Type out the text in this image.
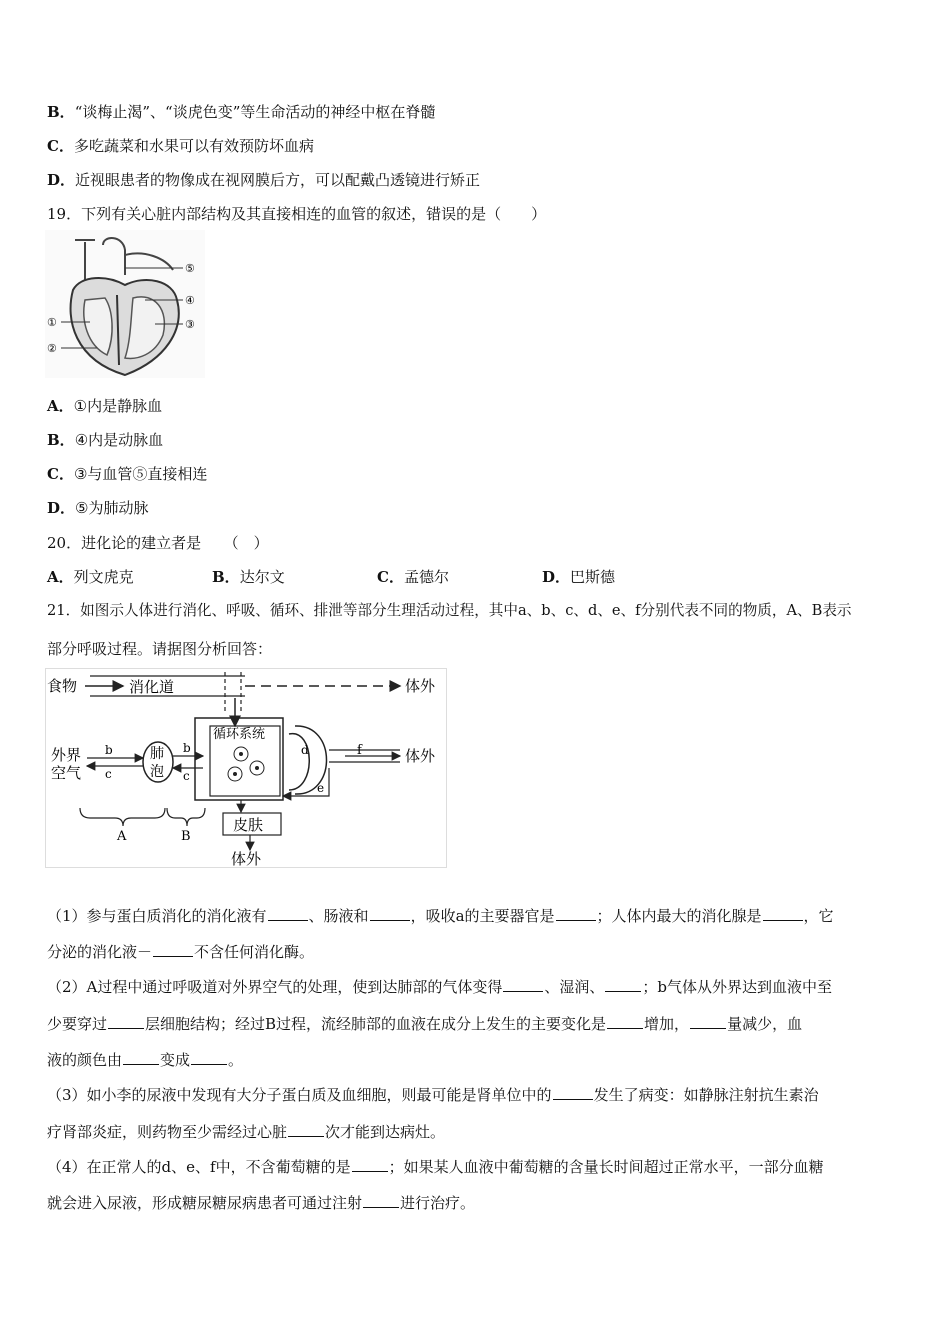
B．“谈梅止渴”、“谈虎色变”等生命活动的神经中枢在脊髓
C．多吃蔬菜和水果可以有效预防坏血病
D．近视眼患者的物像成在视网膜后方，可以配戴凸透镜进行矫正
19．下列有关心脏内部结构及其直接相连的血管的叙述，错误的是（　　）
⑤
④
③
①
②
A．①内是静脉血
B．④内是动脉血
C．③与血管⑤直接相连
D．⑤为肺动脉
20．进化论的建立者是　　（　）
A．列文虎克	B．达尔文	C．孟德尔	D．巴斯德
21．如图示人体进行消化、呼吸、循环、排泄等部分生理活动过程，其中a、b、c、d、e、f分别代表不同的物质，A、B表示
部分呼吸过程。请据图分析回答：
食物	消化道	体外
循环系统
外界
空气
b
c
肺
泡
b
c
d	f	体外
e
皮肤
体外
A	B
（1）参与蛋白质消化的消化液有	、肠液和	，吸收a的主要器官是	；人体内最大的消化腺是	，它
分泌的消化液－	不含任何消化酶。
（2）A过程中通过呼吸道对外界空气的处理，使到达肺部的气体变得	、湿润、	；b气体从外界达到血液中至
少要穿过	层细胞结构；经过B过程，流经肺部的血液在成分上发生的主要变化是	增加，	量减少，血
液的颜色由	变成	。
（3）如小李的尿液中发现有大分子蛋白质及血细胞，则最可能是肾单位中的	发生了病变：如静脉注射抗生素治
疗肾部炎症，则药物至少需经过心脏	次才能到达病灶。
（4）在正常人的d、e、f中，不含葡萄糖的是	；如果某人血液中葡萄糖的含量长时间超过正常水平，一部分血糖
就会进入尿液，形成糖尿糖尿病患者可通过注射	进行治疗。
